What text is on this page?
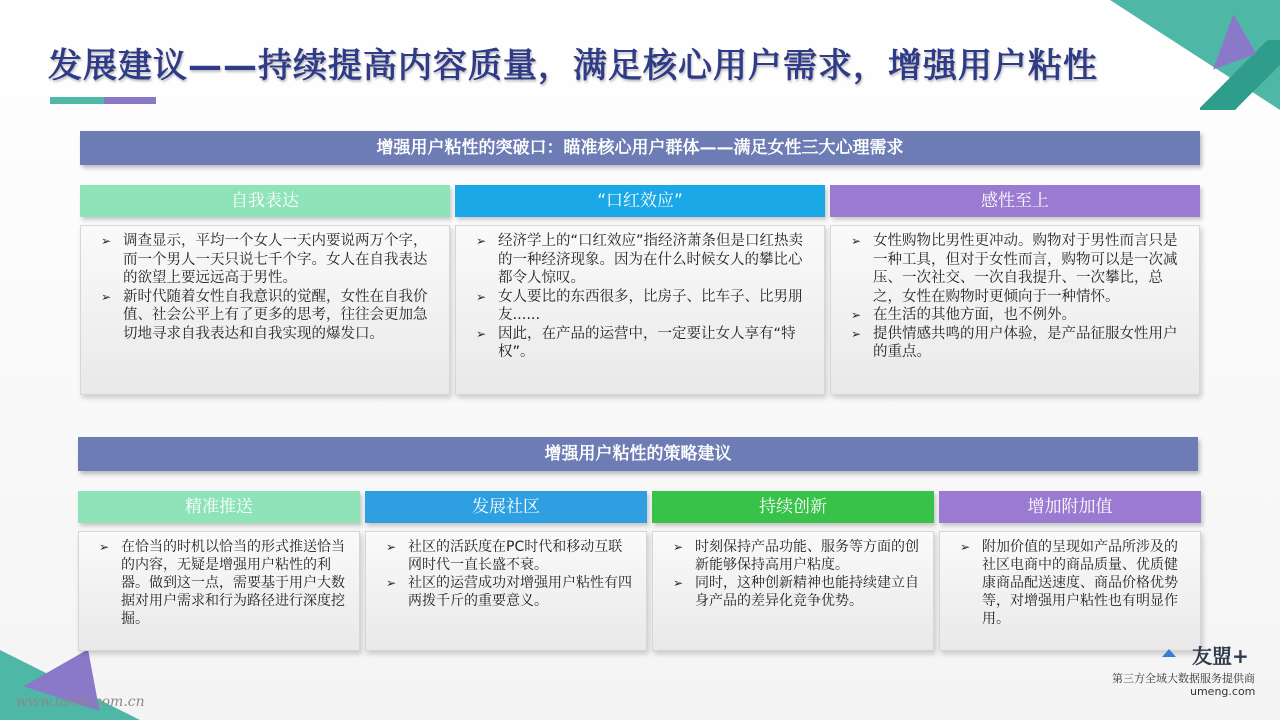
发展建议——持续提高内容质量，满足核心用户需求，增强用户粘性
增强用户粘性的突破口：瞄准核心用户群体——满足女性三大心理需求
自我表达
➢ 调查显示，平均一个女人一天内要说两万个字，而一个男人一天只说七千个字。女人在自我表达的欲望上要远远高于男性。
➢ 新时代随着女性自我意识的觉醒，女性在自我价值、社会公平上有了更多的思考，往往会更加急切地寻求自我表达和自我实现的爆发口。
“口红效应”
➢ 经济学上的“口红效应”指经济萧条但是口红热卖的一种经济现象。因为在什么时候女人的攀比心都令人惊叹。
➢ 女人要比的东西很多，比房子、比车子、比男朋友......
➢ 因此，在产品的运营中，一定要让女人享有“特权”。
感性至上
➢ 女性购物比男性更冲动。购物对于男性而言只是一种工具，但对于女性而言，购物可以是一次减压、一次社交、一次自我提升、一次攀比，总之，女性在购物时更倾向于一种情怀。
➢ 在生活的其他方面，也不例外。
➢ 提供情感共鸣的用户体验，是产品征服女性用户的重点。
增强用户粘性的策略建议
精准推送
➢ 在恰当的时机以恰当的形式推送恰当的内容，无疑是增强用户粘性的利器。做到这一点，需要基于用户大数据对用户需求和行为路径进行深度挖掘。
发展社区
➢ 社区的活跃度在PC时代和移动互联网时代一直长盛不衰。
➢ 社区的运营成功对增强用户粘性有四两拨千斤的重要意义。
持续创新
➢ 时刻保持产品功能、服务等方面的创新能够保持高用户粘度。
➢ 同时，这种创新精神也能持续建立自身产品的差异化竞争优势。
增加附加值
➢ 附加价值的呈现如产品所涉及的社区电商中的商品质量、优质健康商品配送速度、商品价格优势等，对增强用户粘性也有明显作用。
友盟+
第三方全域大数据服务提供商
umeng.com
www.useit.com.cn
